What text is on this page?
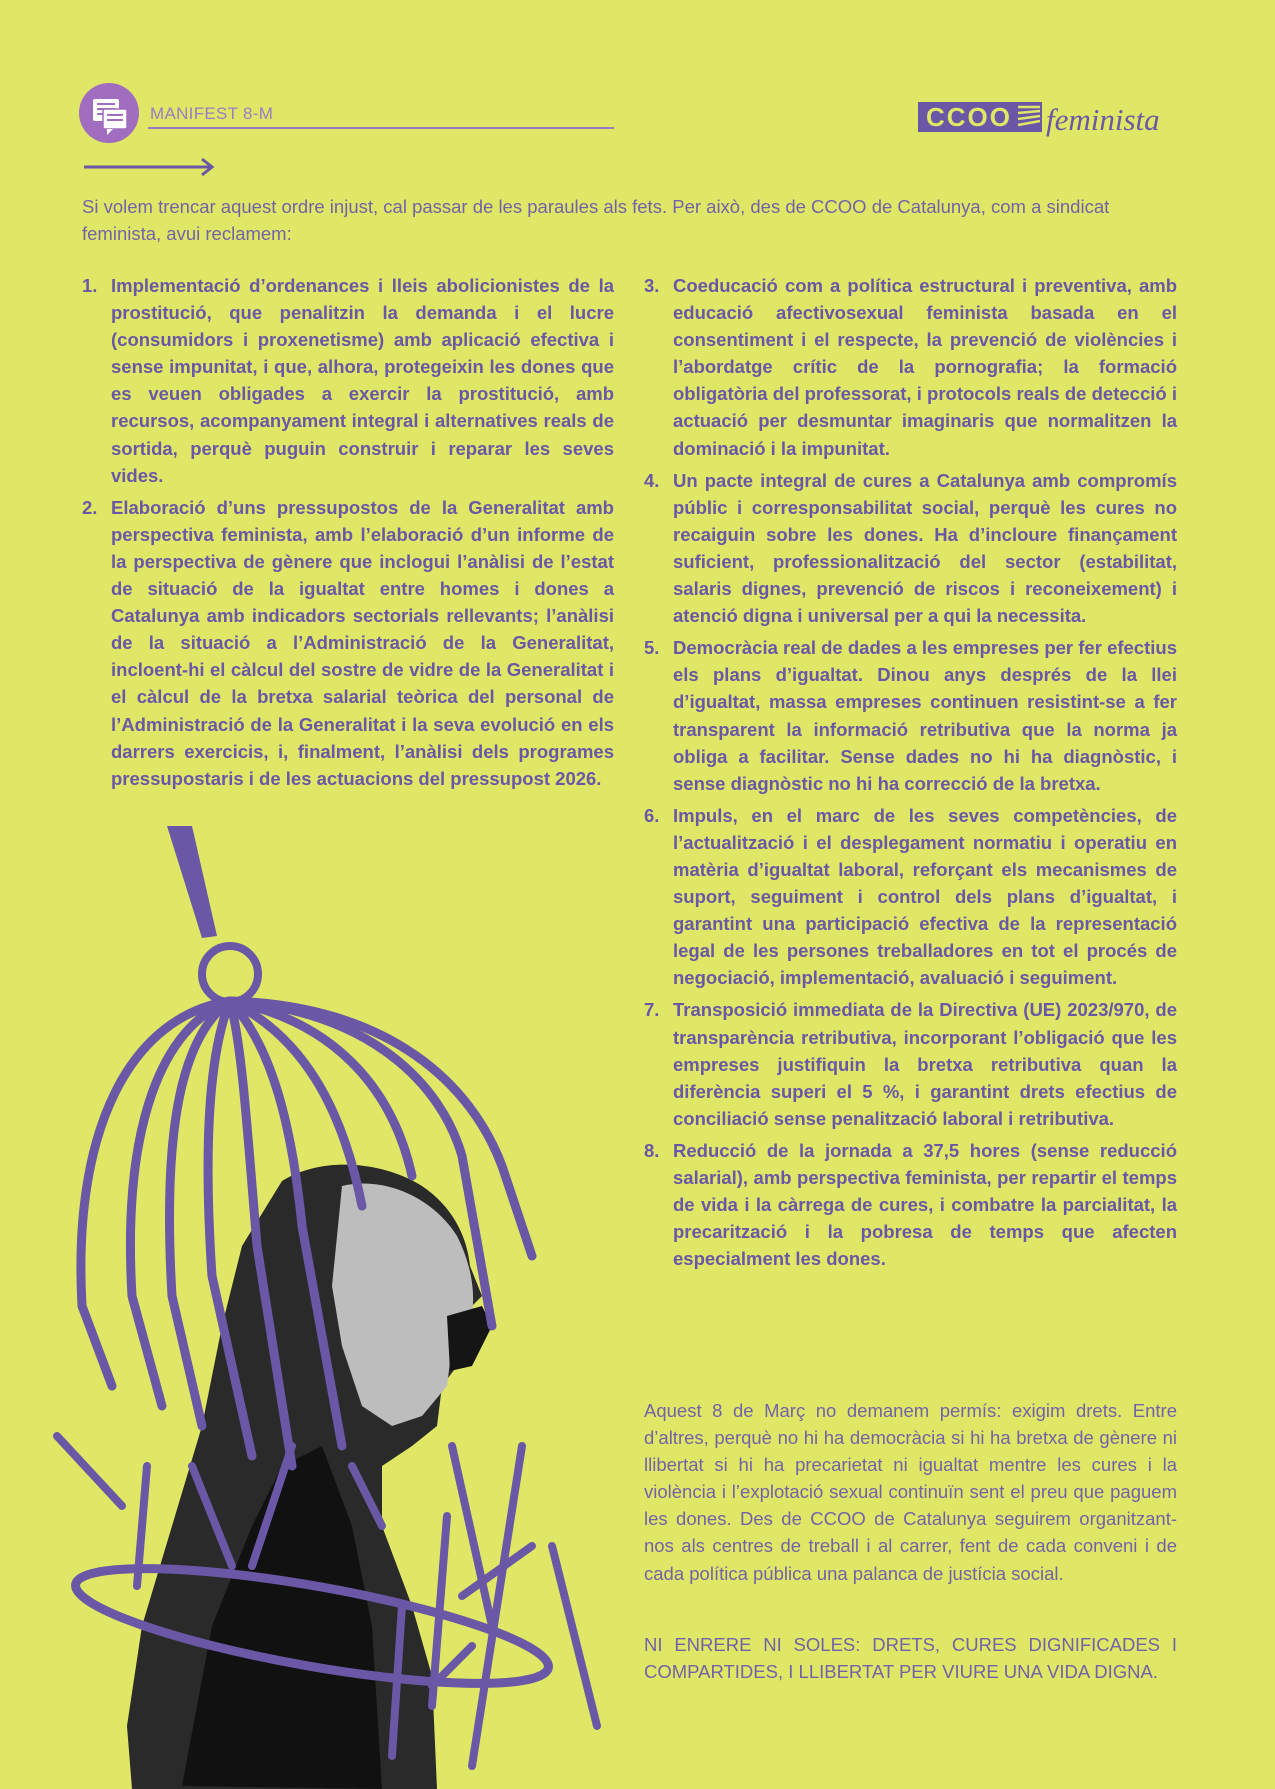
MANIFEST 8-M	CCOO feminista

Si volem trencar aquest ordre injust, cal passar de les paraules als fets. Per això, des de CCOO de Catalunya, com a sindicat feminista, avui reclamem:

1. Implementació d’ordenances i lleis abolicionistes de la prostitució, que penalitzin la demanda i el lucre (consumidors i proxenetisme) amb aplicació efectiva i sense impunitat, i que, alhora, protegeixin les dones que es veuen obligades a exercir la prostitució, amb recursos, acompanyament integral i alternatives reals de sortida, perquè puguin construir i reparar les seves vides.
2. Elaboració d’uns pressupostos de la Generalitat amb perspectiva feminista, amb l’elaboració d’un informe de la perspectiva de gènere que inclogui l’anàlisi de l’estat de situació de la igualtat entre homes i dones a Catalunya amb indicadors sectorials rellevants; l’anàlisi de la situació a l’Administració de la Generalitat, incloent-hi el càlcul del sostre de vidre de la Generalitat i el càlcul de la bretxa salarial teòrica del personal de l’Administració de la Generalitat i la seva evolució en els darrers exercicis, i, finalment, l’anàlisi dels programes pressupostaris i de les actuacions del pressupost 2026.
3. Coeducació com a política estructural i preventiva, amb educació afectivosexual feminista basada en el consentiment i el respecte, la prevenció de violències i l’abordatge crític de la pornografia; la formació obligatòria del professorat, i protocols reals de detecció i actuació per desmuntar imaginaris que normalitzen la dominació i la impunitat.
4. Un pacte integral de cures a Catalunya amb compromís públic i corresponsabilitat social, perquè les cures no recaiguin sobre les dones. Ha d’incloure finançament suficient, professionalització del sector (estabilitat, salaris dignes, prevenció de riscos i reconeixement) i atenció digna i universal per a qui la necessita.
5. Democràcia real de dades a les empreses per fer efectius els plans d’igualtat. Dinou anys després de la llei d’igualtat, massa empreses continuen resistint-se a fer transparent la informació retributiva que la norma ja obliga a facilitar. Sense dades no hi ha diagnòstic, i sense diagnòstic no hi ha correcció de la bretxa.
6. Impuls, en el marc de les seves competències, de l’actualització i el desplegament normatiu i operatiu en matèria d’igualtat laboral, reforçant els mecanismes de suport, seguiment i control dels plans d’igualtat, i garantint una participació efectiva de la representació legal de les persones treballadores en tot el procés de negociació, implementació, avaluació i seguiment.
7. Transposició immediata de la Directiva (UE) 2023/970, de transparència retributiva, incorporant l’obligació que les empreses justifiquin la bretxa retributiva quan la diferència superi el 5 %, i garantint drets efectius de conciliació sense penalització laboral i retributiva.
8. Reducció de la jornada a 37,5 hores (sense reducció salarial), amb perspectiva feminista, per repartir el temps de vida i la càrrega de cures, i combatre la parcialitat, la precarització i la pobresa de temps que afecten especialment les dones.

Aquest 8 de Març no demanem permís: exigim drets. Entre d’altres, perquè no hi ha democràcia si hi ha bretxa de gènere ni llibertat si hi ha precarietat ni igualtat mentre les cures i la violència i l’explotació sexual continuïn sent el preu que paguem les dones. Des de CCOO de Catalunya seguirem organitzant-nos als centres de treball i al carrer, fent de cada conveni i de cada política pública una palanca de justícia social.

NI ENRERE NI SOLES: DRETS, CURES DIGNIFICADES I COMPARTIDES, I LLIBERTAT PER VIURE UNA VIDA DIGNA.
